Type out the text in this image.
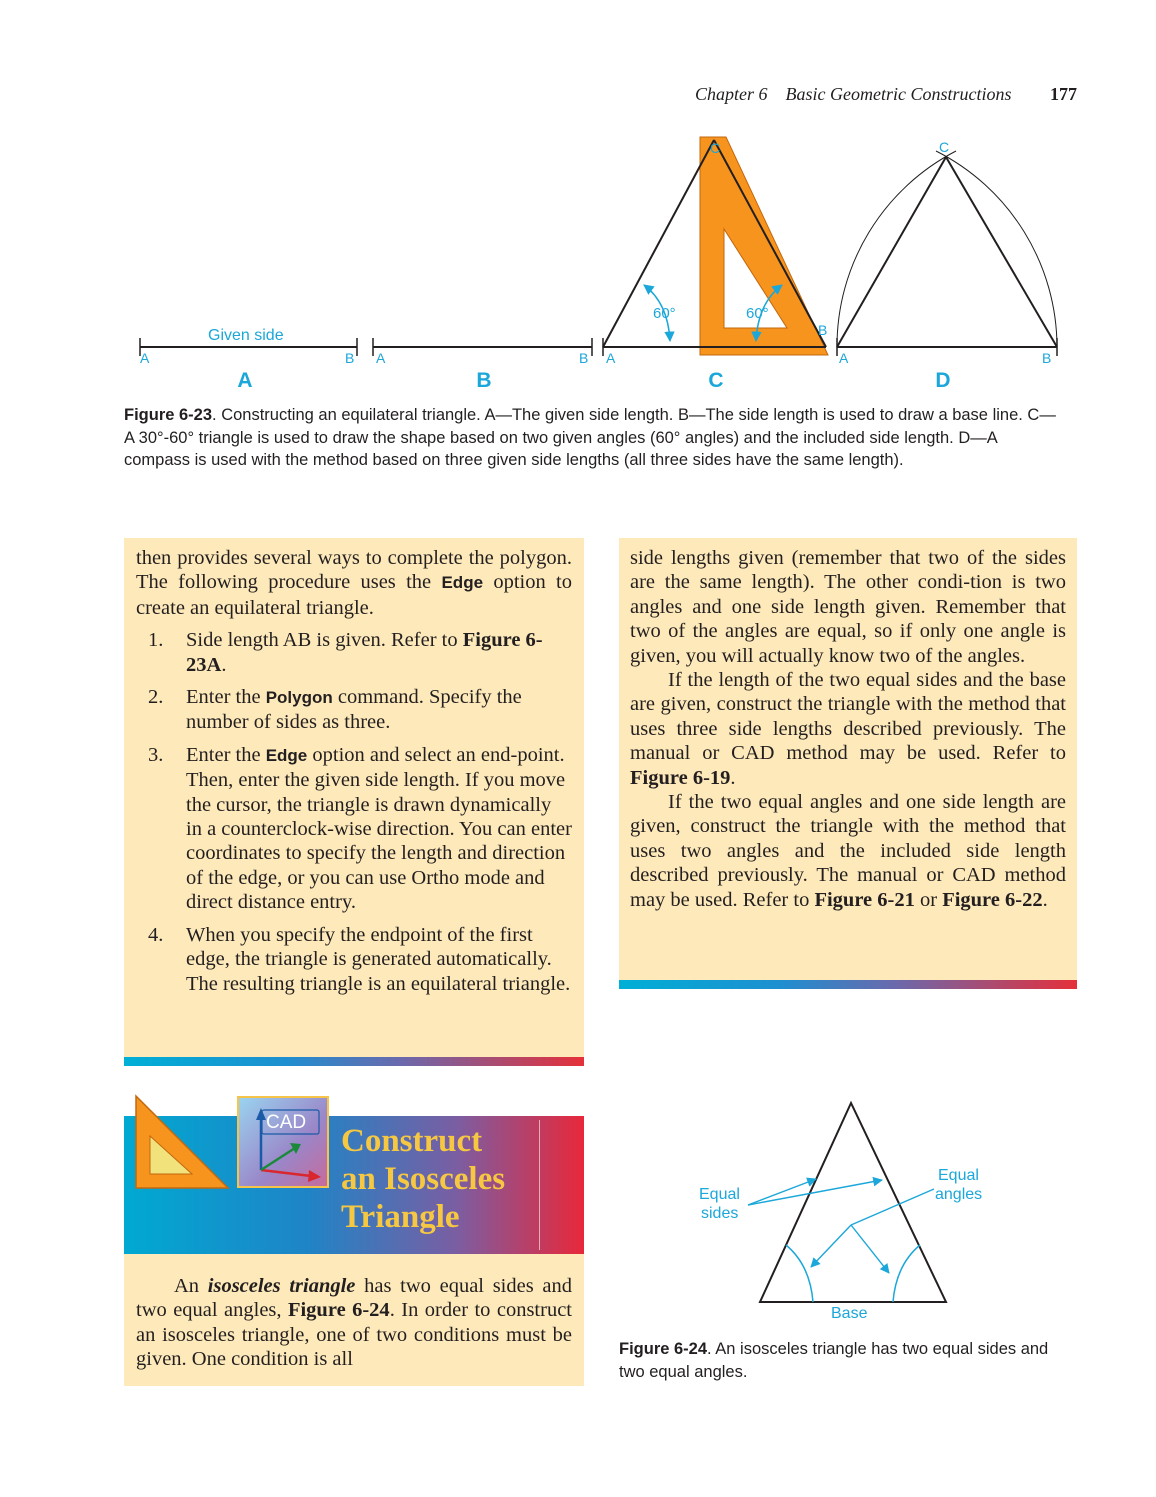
Chapter 6 Basic Geometric Constructions 177
Given side
A	B A	B
60°	60°
C
B
A
C
A	B
A	B	C	D
Figure 6-23. Constructing an equilateral triangle. A—The given side length. B—The side length is used to draw a base line. C—A 30°-60° triangle is used to draw the shape based on two given angles (60° angles) and the included side length. D—A compass is used with the method based on three given side lengths (all three sides have the same length).

then provides several ways to complete the polygon. The following procedure uses the Edge option to create an equilateral triangle.

1. Side length AB is given. Refer to Figure 6-23A.
2. Enter the Polygon command. Specify the number of sides as three.
3. Enter the Edge option and select an end-point. Then, enter the given side length. If you move the cursor, the triangle is drawn dynamically in a counterclock-wise direction. You can enter coordinates to specify the length and direction of the edge, or you can use Ortho mode and direct distance entry.
4. When you specify the endpoint of the first edge, the triangle is generated automatically. The resulting triangle is an equilateral triangle.

side lengths given (remember that two of the sides are the same length). The other condi-tion is two angles and one side length given. Remember that two of the angles are equal, so if only one angle is given, you will actually know two of the angles.

If the length of the two equal sides and the base are given, construct the triangle with the method that uses three side lengths described previously. The manual or CAD method may be used. Refer to Figure 6-19.

If the two equal angles and one side length are given, construct the triangle with the method that uses two angles and the included side length described previously. The manual or CAD method may be used. Refer to Figure 6-21 or Figure 6-22.

CAD
Construct
an Isosceles
Triangle

An isosceles triangle has two equal sides and two equal angles, Figure 6-24. In order to construct an isosceles triangle, one of two conditions must be given. One condition is all

Equal
sides
Equal
angles
Base
Figure 6-24. An isosceles triangle has two equal sides and two equal angles.
